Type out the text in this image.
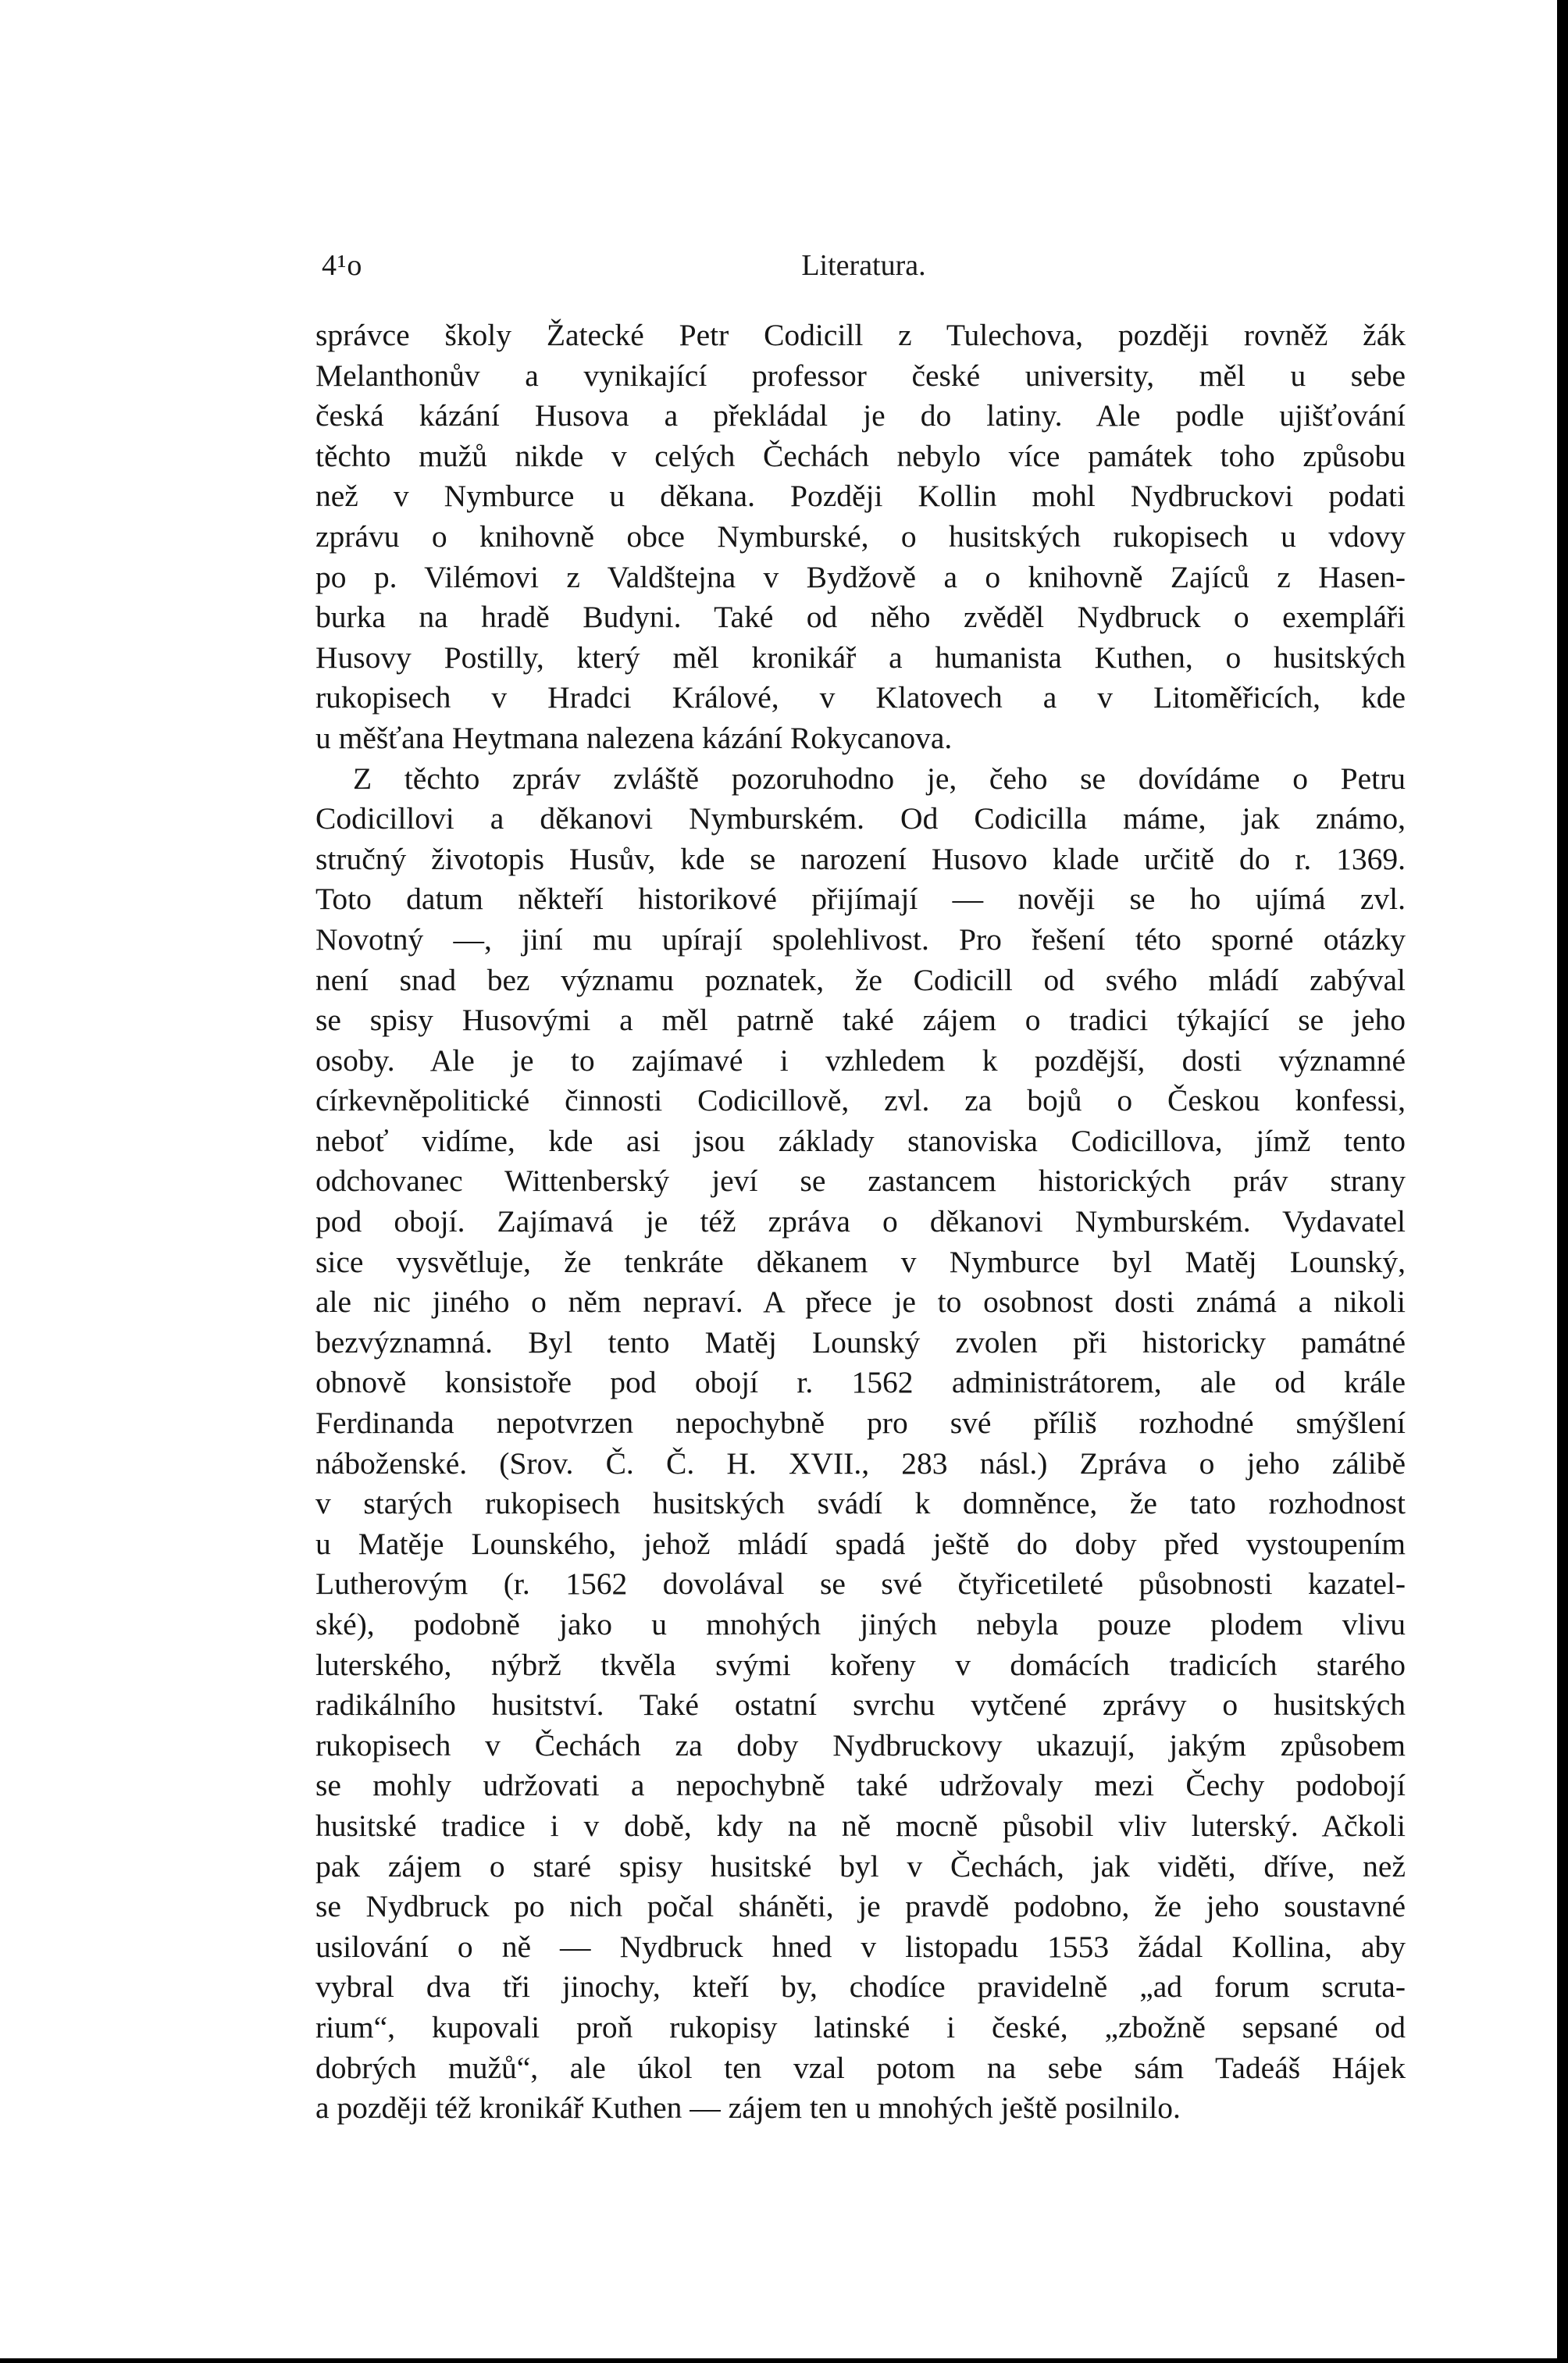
4¹o	Literatura.
správce školy Žatecké Petr Codicill z Tulechova, později rovněž žák
Melanthonův a vynikající professor české university, měl u sebe
česká kázání Husova a překládal je do latiny. Ale podle ujišťování
těchto mužů nikde v celých Čechách nebylo více památek toho způsobu
než v Nymburce u děkana. Později Kollin mohl Nydbruckovi podati
zprávu o knihovně obce Nymburské, o husitských rukopisech u vdovy
po p. Vilémovi z Valdštejna v Bydžově a o knihovně Zajíců z Hasen-
burka na hradě Budyni. Také od něho zvěděl Nydbruck o exempláři
Husovy Postilly, který měl kronikář a humanista Kuthen, o husitských
rukopisech v Hradci Králové, v Klatovech a v Litoměřicích, kde
u měšťana Heytmana nalezena kázání Rokycanova.
Z těchto zpráv zvláště pozoruhodno je, čeho se dovídáme o Petru
Codicillovi a děkanovi Nymburském. Od Codicilla máme, jak známo,
stručný životopis Husův, kde se narození Husovo klade určitě do r. 1369.
Toto datum někteří historikové přijímají — nověji se ho ujímá zvl.
Novotný —, jiní mu upírají spolehlivost. Pro řešení této sporné otázky
není snad bez významu poznatek, že Codicill od svého mládí zabýval
se spisy Husovými a měl patrně také zájem o tradici týkající se jeho
osoby. Ale je to zajímavé i vzhledem k pozdější, dosti významné
církevněpolitické činnosti Codicillově, zvl. za bojů o Českou konfessi,
neboť vidíme, kde asi jsou základy stanoviska Codicillova, jímž tento
odchovanec Wittenberský jeví se zastancem historických práv strany
pod obojí. Zajímavá je též zpráva o děkanovi Nymburském. Vydavatel
sice vysvětluje, že tenkráte děkanem v Nymburce byl Matěj Lounský,
ale nic jiného o něm nepraví. A přece je to osobnost dosti známá a nikoli
bezvýznamná. Byl tento Matěj Lounský zvolen při historicky památné
obnově konsistoře pod obojí r. 1562 administrátorem, ale od krále
Ferdinanda nepotvrzen nepochybně pro své příliš rozhodné smýšlení
náboženské. (Srov. Č. Č. H. XVII., 283 násl.) Zpráva o jeho zálibě
v starých rukopisech husitských svádí k domněnce, že tato rozhodnost
u Matěje Lounského, jehož mládí spadá ještě do doby před vystoupením
Lutherovým (r. 1562 dovolával se své čtyřicetileté působnosti kazatel-
ské), podobně jako u mnohých jiných nebyla pouze plodem vlivu
luterského, nýbrž tkvěla svými kořeny v domácích tradicích starého
radikálního husitství. Také ostatní svrchu vytčené zprávy o husitských
rukopisech v Čechách za doby Nydbruckovy ukazují, jakým způsobem
se mohly udržovati a nepochybně také udržovaly mezi Čechy podobojí
husitské tradice i v době, kdy na ně mocně působil vliv luterský. Ačkoli
pak zájem o staré spisy husitské byl v Čechách, jak viděti, dříve, než
se Nydbruck po nich počal sháněti, je pravdě podobno, že jeho soustavné
usilování o ně — Nydbruck hned v listopadu 1553 žádal Kollina, aby
vybral dva tři jinochy, kteří by, chodíce pravidelně „ad forum scruta-
rium“, kupovali proň rukopisy latinské i české, „zbožně sepsané od
dobrých mužů“, ale úkol ten vzal potom na sebe sám Tadeáš Hájek
a později též kronikář Kuthen — zájem ten u mnohých ještě posilnilo.
